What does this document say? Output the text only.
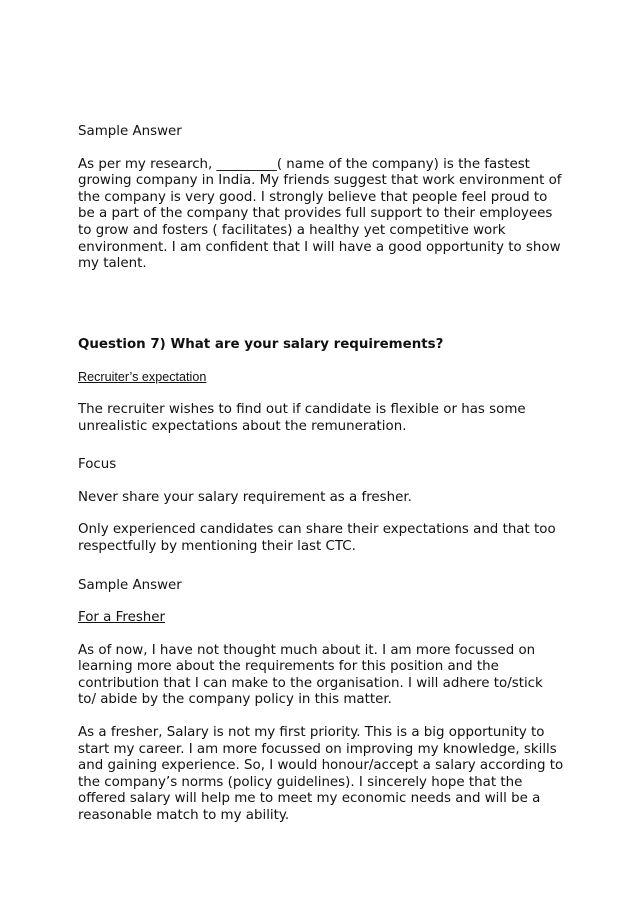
Sample Answer

As per my research, _________( name of the company) is the fastest growing company in India. My friends suggest that work environment of the company is very good. I strongly believe that people feel proud to be a part of the company that provides full support to their employees to grow and fosters ( facilitates) a healthy yet competitive work environment. I am confident that I will have a good opportunity to show my talent.

Question 7) What are your salary requirements?

Recruiter’s expectation

The recruiter wishes to find out if candidate is flexible or has some unrealistic expectations about the remuneration.

Focus

Never share your salary requirement as a fresher.

Only experienced candidates can share their expectations and that too respectfully by mentioning their last CTC.

Sample Answer

For a Fresher

As of now, I have not thought much about it. I am more focussed on learning more about the requirements for this position and the contribution that I can make to the organisation. I will adhere to/stick to/ abide by the company policy in this matter.

As a fresher, Salary is not my first priority. This is a big opportunity to start my career. I am more focussed on improving my knowledge, skills and gaining experience. So, I would honour/accept a salary according to the company’s norms (policy guidelines). I sincerely hope that the offered salary will help me to meet my economic needs and will be a reasonable match to my ability.
